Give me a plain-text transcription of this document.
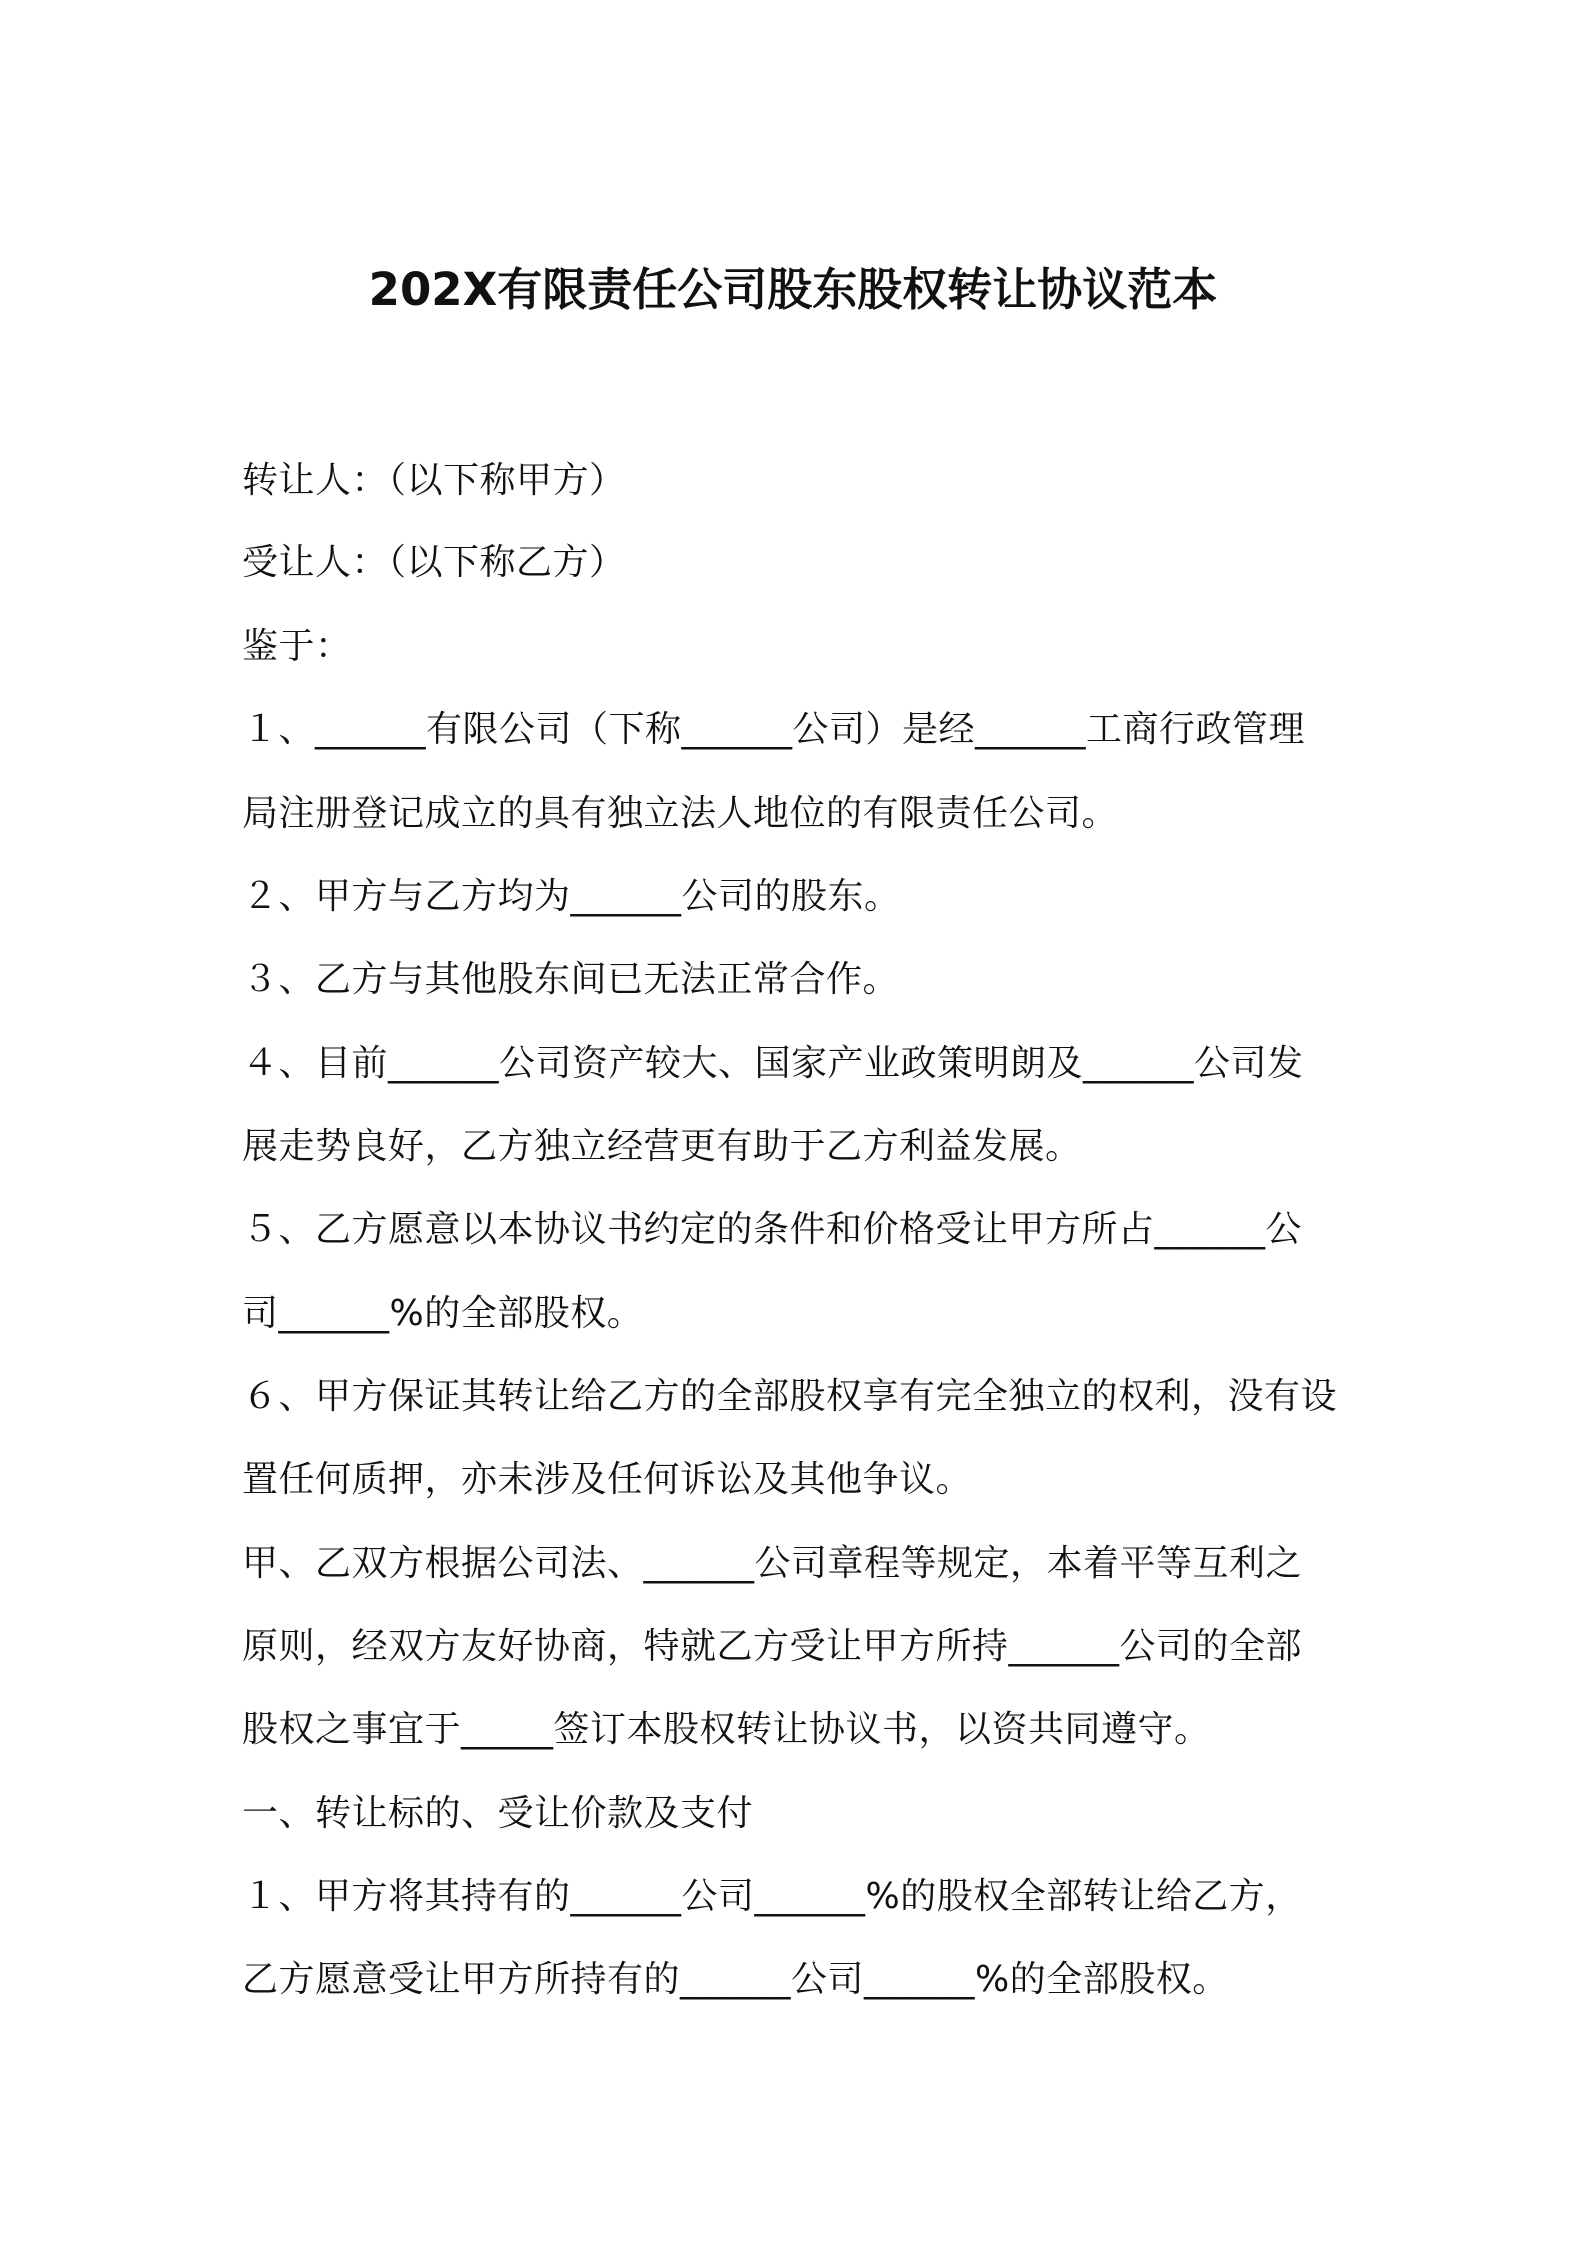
202X有限责任公司股东股权转让协议范本
转让人：（以下称甲方）
受让人：（以下称乙方）
鉴于：
１、______有限公司（下称______公司）是经______工商行政管理
局注册登记成立的具有独立法人地位的有限责任公司。
２、甲方与乙方均为______公司的股东。
３、乙方与其他股东间已无法正常合作。
４、目前______公司资产较大、国家产业政策明朗及______公司发
展走势良好，乙方独立经营更有助于乙方利益发展。
５、乙方愿意以本协议书约定的条件和价格受让甲方所占______公
司______%的全部股权。
６、甲方保证其转让给乙方的全部股权享有完全独立的权利，没有设
置任何质押，亦未涉及任何诉讼及其他争议。
甲、乙双方根据公司法、______公司章程等规定，本着平等互利之
原则，经双方友好协商，特就乙方受让甲方所持______公司的全部
股权之事宜于_____签订本股权转让协议书，以资共同遵守。
一、转让标的、受让价款及支付
１、甲方将其持有的______公司______%的股权全部转让给乙方，
乙方愿意受让甲方所持有的______公司______%的全部股权。
